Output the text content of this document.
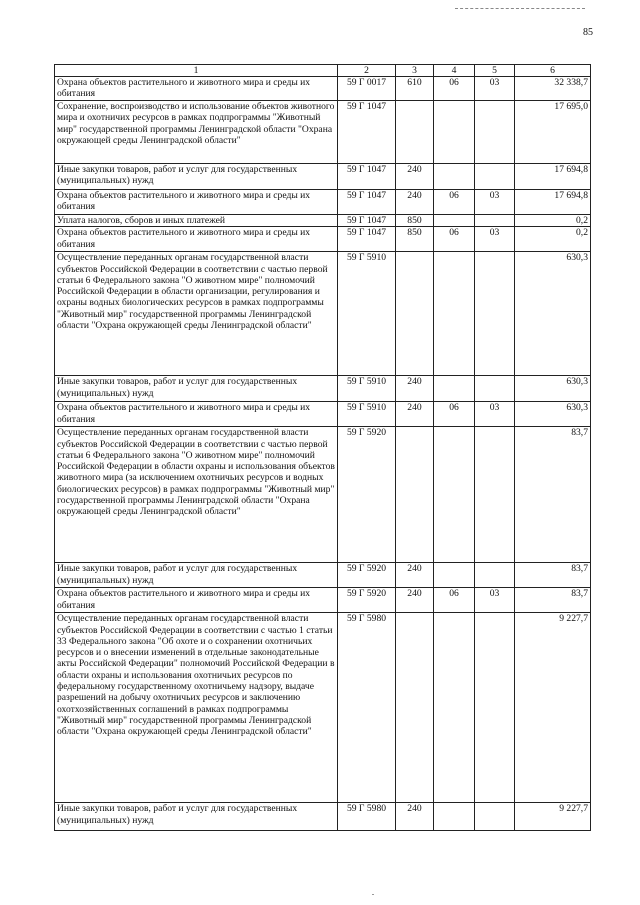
85
1	2	3	4	5	6
Охрана объектов растительного и животного мира и среды их обитания	59 Г 0017	610	06	03	32 338,7
Сохранение, воспроизводство и использование объектов животного мира и охотничих ресурсов в рамках подпрограммы "Животный мир" государственной программы Ленинградской области "Охрана окружающей среды Ленинградской области"	59 Г 1047				17 695,0
Иные закупки товаров, работ и услуг для государственных (муниципальных) нужд	59 Г 1047	240			17 694,8
Охрана объектов растительного и животного мира и среды их обитания	59 Г 1047	240	06	03	17 694,8
Уплата налогов, сборов и иных платежей	59 Г 1047	850			0,2
Охрана объектов растительного и животного мира и среды их обитания	59 Г 1047	850	06	03	0,2
Осуществление переданных органам государственной власти субъектов Российской Федерации в соответствии с частью первой статьи 6 Федерального закона "О животном мире" полномочий Российской Федерации в области организации, регулирования и охраны водных биологических ресурсов в рамках подпрограммы "Животный мир" государственной программы Ленинградской области "Охрана окружающей среды Ленинградской области"	59 Г 5910				630,3
Иные закупки товаров, работ и услуг для государственных (муниципальных) нужд	59 Г 5910	240			630,3
Охрана объектов растительного и животного мира и среды их обитания	59 Г 5910	240	06	03	630,3
Осуществление переданных органам государственной власти субъектов Российской Федерации в соответствии с частью первой статьи 6 Федерального закона "О животном мире" полномочий Российской Федерации в области охраны и использования объектов животного мира (за исключением охотничьих ресурсов и водных биологических ресурсов) в рамках подпрограммы "Животный мир" государственной программы Ленинградской области "Охрана окружающей среды Ленинградской области"	59 Г 5920				83,7
Иные закупки товаров, работ и услуг для государственных (муниципальных) нужд	59 Г 5920	240			83,7
Охрана объектов растительного и животного мира и среды их обитания	59 Г 5920	240	06	03	83,7
Осуществление переданных органам государственной власти субъектов Российской Федерации в соответствии с частью 1 статьи 33 Федерального закона "Об охоте и о сохранении охотничьих ресурсов и о внесении изменений в отдельные законодательные акты Российской Федерации" полномочий Российской Федерации в области охраны и использования охотничьих ресурсов по федеральному государственному охотничьему надзору, выдаче разрешений на добычу охотничьих ресурсов и заключению охотхозяйственных соглашений в рамках подпрограммы "Животный мир" государственной программы Ленинградской области "Охрана окружающей среды Ленинградской области"	59 Г 5980				9 227,7
Иные закупки товаров, работ и услуг для государственных (муниципальных) нужд	59 Г 5980	240			9 227,7
